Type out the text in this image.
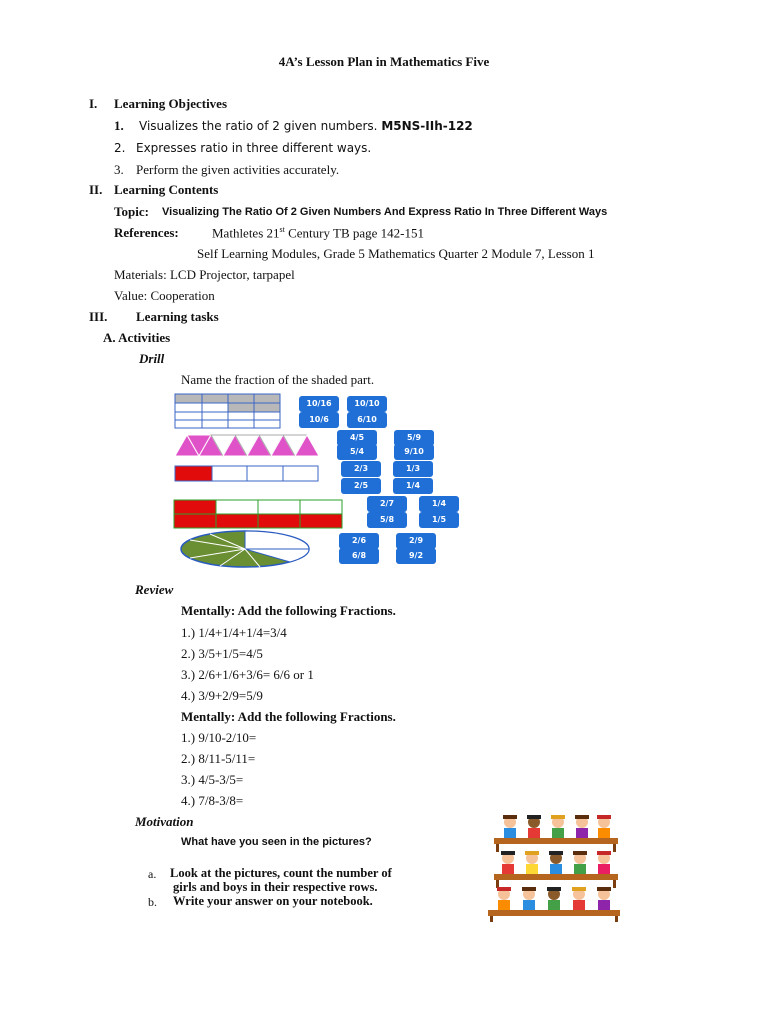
4A’s Lesson Plan in Mathematics Five
I. Learning Objectives
1. Visualizes the ratio of 2 given numbers. M5NS-IIh-122
2. Expresses ratio in three different ways.
3. Perform the given activities accurately.
II. Learning Contents
Topic: Visualizing The Ratio Of 2 Given Numbers And Express Ratio In Three Different Ways
References:	Mathletes 21st Century TB page 142-151
Self Learning Modules, Grade 5 Mathematics Quarter 2 Module 7, Lesson 1
Materials: LCD Projector, tarpapel
Value: Cooperation
III. Learning tasks
A. Activities
Drill
Name the fraction of the shaded part.
10/16	10/10
10/6	6/10
4/5	5/9
5/4	9/10
2/3	1/3
2/5	1/4
2/7	1/4
5/8	1/5
2/6	2/9
6/8	9/2
Review
Mentally: Add the following Fractions.
1.) 1/4+1/4+1/4=3/4
2.) 3/5+1/5=4/5
3.) 2/6+1/6+3/6= 6/6 or 1
4.) 3/9+2/9=5/9
Mentally: Add the following Fractions.
1.) 9/10-2/10=
2.) 8/11-5/11=
3.) 4/5-3/5=
4.) 7/8-3/8=
Motivation
What have you seen in the pictures?
a. Look at the pictures, count the number of
girls and boys in their respective rows.
b. Write your answer on your notebook.
